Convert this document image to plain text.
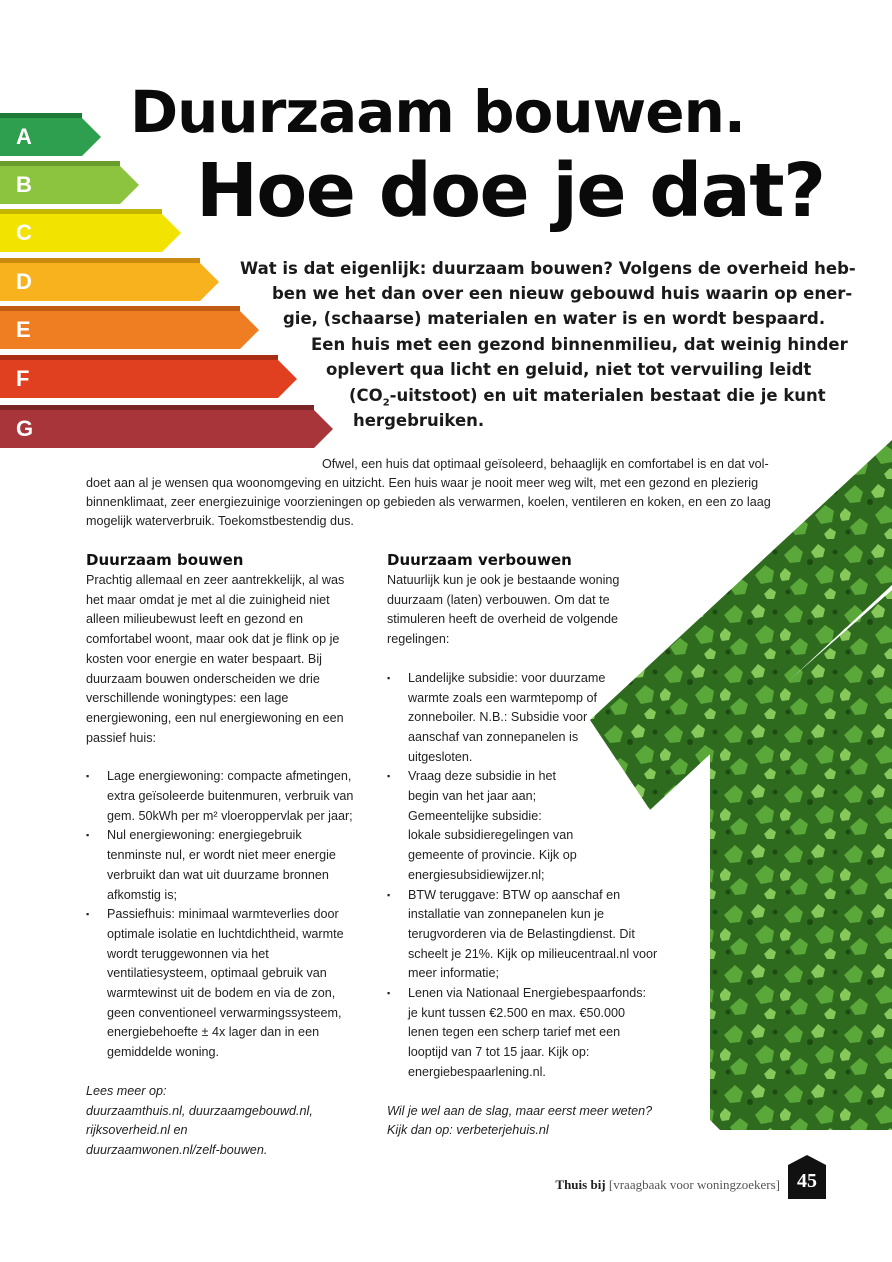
A
B
C
D
E
F
G
Duurzaam bouwen.
Hoe doe je dat?
Wat is dat eigenlijk: duurzaam bouwen? Volgens de overheid heb-
ben we het dan over een nieuw gebouwd huis waarin op ener-
gie, (schaarse) materialen en water is en wordt bespaard.
Een huis met een gezond binnenmilieu, dat weinig hinder
oplevert qua licht en geluid, niet tot vervuiling leidt
$(CO_2-uitstoot)$ en uit materialen bestaat die je kunt
hergebruiken.
Ofwel, een huis dat optimaal geïsoleerd, behaaglijk en comfortabel is en dat vol-
doet aan al je wensen qua woonomgeving en uitzicht. Een huis waar je nooit meer weg wilt, met een gezond en plezierig binnenklimaat, zeer energiezuinige voorzieningen op gebieden als verwarmen, koelen, ventileren en koken, en een zo laag mogelijk waterverbruik. Toekomstbestendig dus.
Duurzaam bouwen

Prachtig allemaal en zeer aantrekkelijk, al was het maar omdat je met al die zuinigheid niet alleen milieubewust leeft en gezond en comfortabel woont, maar ook dat je flink op je kosten voor energie en water bespaart. Bij duurzaam bouwen onderscheiden we drie verschillende woningtypes: een lage energiewoning, een nul energiewoning en een passief huis:

▪ Lage energiewoning: compacte afmetingen, extra geïsoleerde buitenmuren, verbruik van gem. 50kWh per m² vloeroppervlak per jaar;
▪ Nul energiewoning: energiegebruik tenminste nul, er wordt niet meer energie verbruikt dan wat uit duurzame bronnen afkomstig is;
▪ Passiefhuis: minimaal warmteverlies door optimale isolatie en luchtdichtheid, warmte wordt teruggewonnen via het ventilatiesysteem, optimaal gebruik van warmtewinst uit de bodem en via de zon, geen conventioneel verwarmingssysteem, energiebehoefte ± 4x lager dan in een gemiddelde woning.
Lees meer op:
duurzaamthuis.nl, duurzaamgebouwd.nl,
rijksoverheid.nl en
duurzaamwonen.nl/zelf-bouwen.
Duurzaam verbouwen

Natuurlijk kun je ook je bestaande woning duurzaam (laten) verbouwen. Om dat te stimuleren heeft de overheid de volgende regelingen:

▪ Landelijke subsidie: voor duurzame warmte zoals een warmtepomp of zonneboiler. N.B.: Subsidie voor aanschaf van zonnepanelen is uitgesloten.
▪ Vraag deze subsidie in het begin van het jaar aan; Gemeentelijke subsidie: lokale subsidieregelingen van gemeente of provincie. Kijk op energiesubsidiewijzer.nl;
▪ BTW teruggave: BTW op aanschaf en installatie van zonnepanelen kun je terugvorderen via de Belastingdienst. Dit scheelt je 21%. Kijk op milieucentraal.nl voor meer informatie;
▪ Lenen via Nationaal Energiebespaarfonds: je kunt tussen €2.500 en max. €50.000 lenen tegen een scherp tarief met een looptijd van 7 tot 15 jaar. Kijk op: energiebespaarlening.nl.

Wil je wel aan de slag, maar eerst meer weten? Kijk dan op: verbeterjehuis.nl

Thuis bij [vraagbaak voor woningzoekers] 45
